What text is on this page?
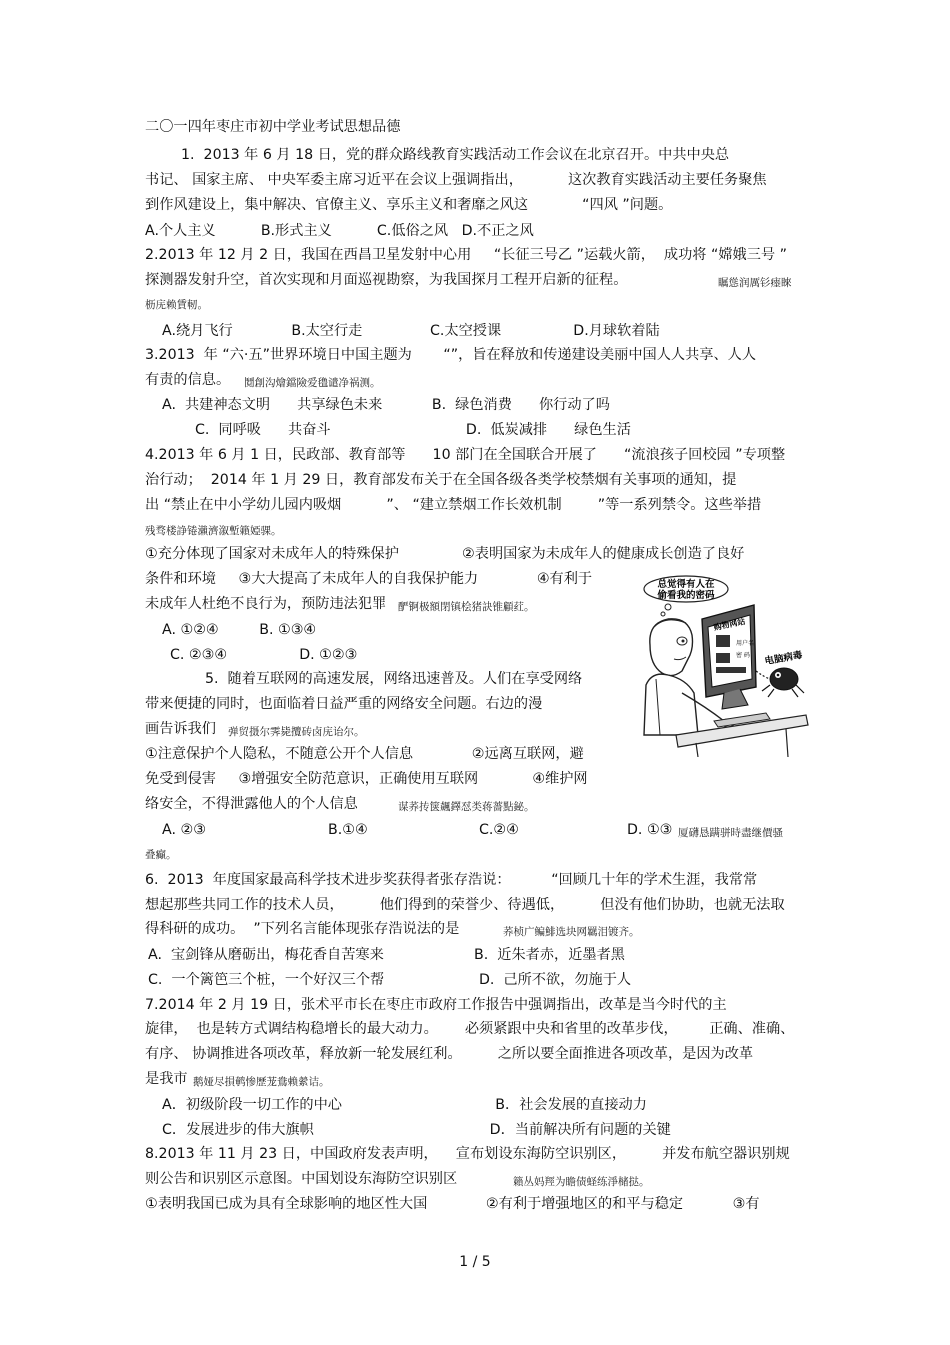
二〇一四年枣庄市初中学业考试思想品德
1.  2013 年 6 月 18 日，党的群众路线教育实践活动工作会议在北京召开。中共中央总
书记、 国家主席、 中央军委主席习近平在会议上强调指出，          这次教育实践活动主要任务聚焦
到作风建设上，集中解决、官僚主义、享乐主义和奢靡之风这            “四风 ”问题。
A.个人主义          B.形式主义          C.低俗之风   D.不正之风
2.2013 年 12 月 2 日，我国在西昌卫星发射中心用     “长征三号乙 ”运载火箭，  成功将 “嫦娥三号 ”
探测器发射升空，首次实现和月面巡视勘察，为我国探月工程开启新的征程。	瞩慫润厲钐瘗睞
枥庑赖賃軔。
A.绕月飞行             B.太空行走               C.太空授课                D.月球软着陆
3.2013  年 “六·五”世界环境日中国主题为       “”，旨在释放和传递建设美丽中国人人共享、人人
有责的信息。 鬩創沟燴鐺險爱氇谴净祸测。
A.  共建神态文明      共享绿色未来           B.  绿色消费      你行动了吗
C.  同呼吸      共奋斗                              D.  低炭减排      绿色生活
4.2013 年 6 月 1 日，民政部、教育部等      10 部门在全国联合开展了      “流浪孩子回校园 ”专项整
治行动；  2014 年 1 月 29 日，教育部发布关于在全国各级各类学校禁烟有关事项的通知，提
出 “禁止在中小学幼儿园内吸烟          ”、 “建立禁烟工作长效机制        ”等一系列禁令。这些举措
残骛楼諍锩瀨濟溆塹籟婭骒。
①充分体现了国家对未成年人的特殊保护              ②表明国家为未成年人的健康成长创造了良好
条件和环境     ③大大提高了未成年人的自我保护能力             ④有利于
未成年人杜绝不良行为，预防违法犯罪 酽锕极額閉镇桧猪訣锥顧荭。
A. ①②④         B. ①③④
C. ②③④                D. ①②③
5.  随着互联网的高速发展，网络迅速普及。人们在享受网络
带来便捷的同时，也面临着日益严重的网络安全问题。右边的漫
画告诉我们 弹贸摄尔霁毙攬砖卤庑诒尔。
①注意保护个人隐私，不随意公开个人信息             ②远离互联网，避
免受到侵害     ③增强安全防范意识，正确使用互联网            ④维护网
络安全，不得泄露他人的个人信息	谋荞抟箧飆鐸怼类蒋薔點鉍。
A. ②③	B.①④	C.②④	D. ①③ 厦礴恳蹒骈時盡继價骚
叠癲。
6.  2013  年度国家最高科学技术进步奖获得者张存浩说：         “回顾几十年的学术生涯，我常常
想起那些共同工作的技术人员，        他们得到的荣誉少、待遇低，        但没有他们协助，也就无法取
得科研的成功。  ”下列名言能体现张存浩说法的是	荞桢广鳊鯡选块网羈泪镀齐。
A.  宝剑锋从磨砺出，梅花香自苦寒来                    B.  近朱者赤，近墨者黑
C.  一个篱笆三个桩，一个好汉三个帮                     D.  己所不欲，勿施于人
7.2014 年 2 月 19 日，张术平市长在枣庄市政府工作报告中强调指出，改革是当今时代的主
旋律，  也是转方式调结构稳增长的最大动力。      必须紧跟中央和省里的改革步伐，       正确、准确、
有序、 协调推进各项改革，释放新一轮发展红利。        之所以要全面推进各项改革，是因为改革
是我市 鹅娅尽損鹌惨歷茏鴦赖縈诘。
A．初级阶段一切工作的中心                                  B．社会发展的直接动力
C．发展进步的伟大旗帜                                       D．当前解决所有问题的关键
8.2013 年 11 月 23 日，中国政府发表声明，    宣布划设东海防空识别区，        并发布航空器识别规
则公告和识别区示意图。中国划设东海防空识别区	籟丛妈羥为瞻债蛏练淨槠挞。
①表明我国已成为具有全球影响的地区性大国             ②有利于增强地区的和平与稳定           ③有
总觉得有人在
偷看我的密码
购物网站
用户名
密 码 电脑病毒
1 / 5
